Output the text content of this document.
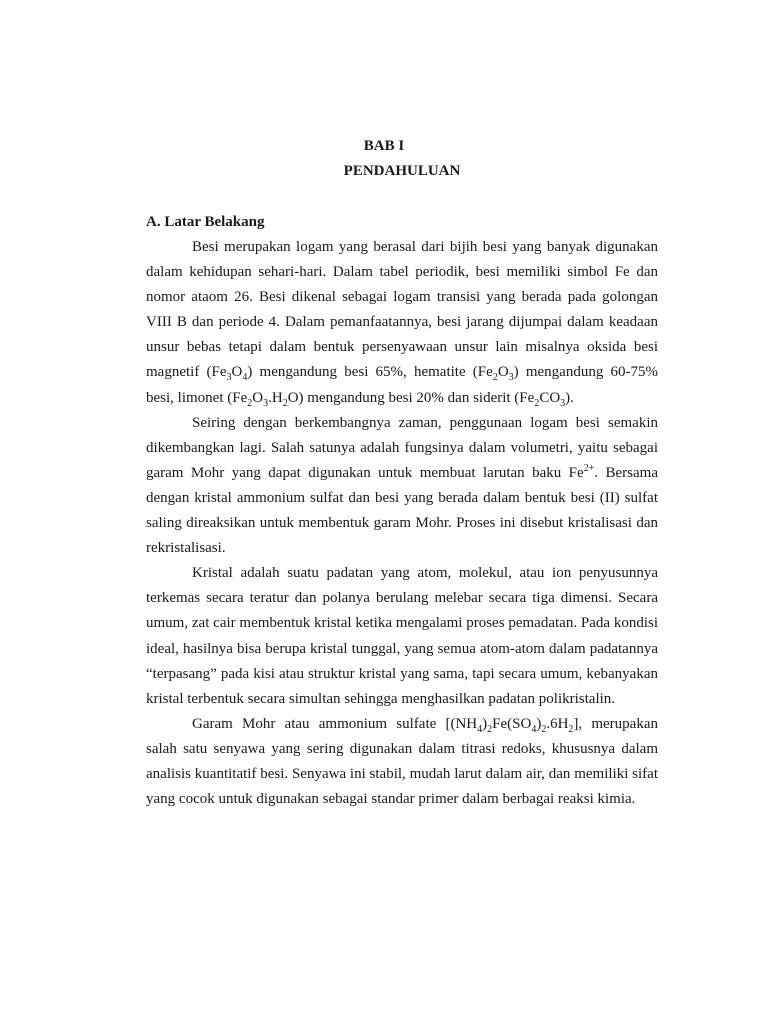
BAB I
PENDAHULUAN
A. Latar Belakang

Besi merupakan logam yang berasal dari bijih besi yang banyak digunakan dalam kehidupan sehari-hari. Dalam tabel periodik, besi memiliki simbol Fe dan nomor ataom 26. Besi dikenal sebagai logam transisi yang berada pada golongan VIII B dan periode 4. Dalam pemanfaatannya, besi jarang dijumpai dalam keadaan unsur bebas tetapi dalam bentuk persenyawaan unsur lain misalnya oksida besi magnetif $(Fe_3O_4)$ mengandung besi 65%, hematite $(Fe_2O_3)$ mengandung 60-75% besi, limonet $(Fe_2O_3.H_2O)$ mengandung besi 20% dan siderit $(Fe_2CO_3)$.

Seiring dengan berkembangnya zaman, penggunaan logam besi semakin dikembangkan lagi. Salah satunya adalah fungsinya dalam volumetri, yaitu sebagai garam Mohr yang dapat digunakan untuk membuat larutan baku $Fe^{2+}$. Bersama dengan kristal ammonium sulfat dan besi yang berada dalam bentuk besi (II) sulfat saling direaksikan untuk membentuk garam Mohr. Proses ini disebut kristalisasi dan rekristalisasi.

Kristal adalah suatu padatan yang atom, molekul, atau ion penyusunnya terkemas secara teratur dan polanya berulang melebar secara tiga dimensi. Secara umum, zat cair membentuk kristal ketika mengalami proses pemadatan. Pada kondisi ideal, hasilnya bisa berupa kristal tunggal, yang semua atom-atom dalam padatannya “terpasang” pada kisi atau struktur kristal yang sama, tapi secara umum, kebanyakan kristal terbentuk secara simultan sehingga menghasilkan padatan polikristalin.

Garam Mohr atau ammonium sulfate $[(NH_4)_2Fe(SO_4)_2.6H_2]$, merupakan salah satu senyawa yang sering digunakan dalam titrasi redoks, khususnya dalam analisis kuantitatif besi. Senyawa ini stabil, mudah larut dalam air, dan memiliki sifat yang cocok untuk digunakan sebagai standar primer dalam berbagai reaksi kimia.
